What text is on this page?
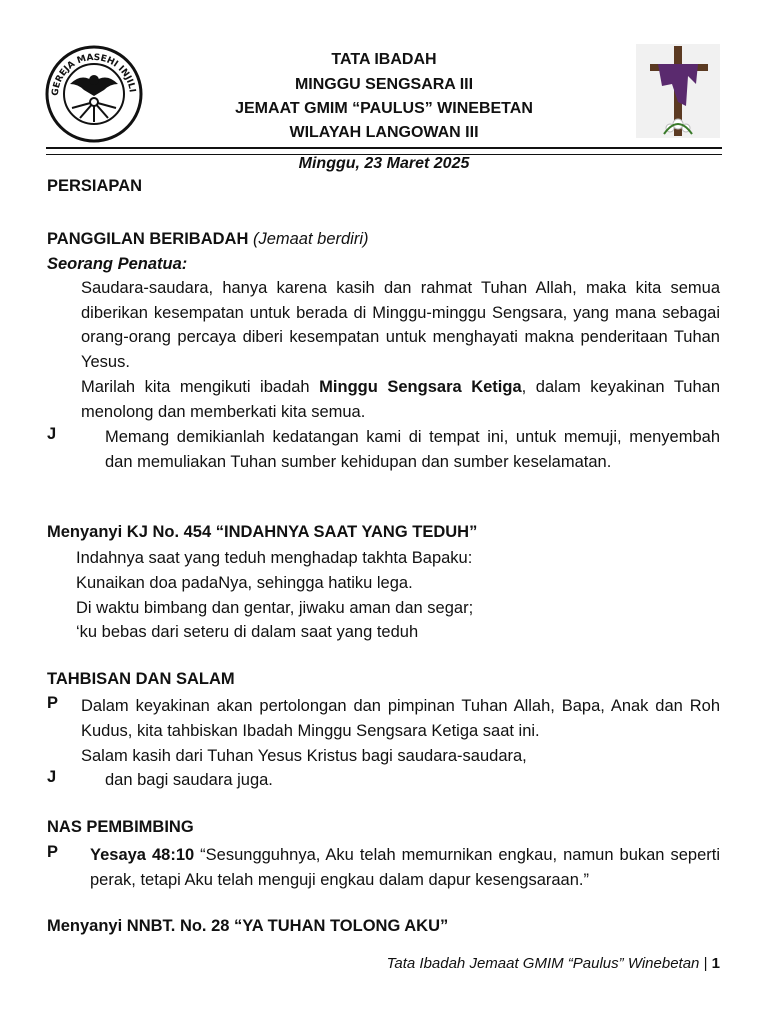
GEREJA MASEHI INJILI
TATA IBADAH
MINGGU SENGSARA III
JEMAAT GMIM “PAULUS” WINEBETAN
WILAYAH LANGOWAN III
Minggu, 23 Maret 2025
PERSIAPAN
PANGGILAN BERIBADAH (Jemaat berdiri)
Seorang Penatua:
Saudara-saudara, hanya karena kasih dan rahmat Tuhan Allah, maka kita semua diberikan kesempatan untuk berada di Minggu-minggu Sengsara, yang mana sebagai orang-orang percaya diberi kesempatan untuk menghayati makna penderitaan Tuhan Yesus.
Marilah kita mengikuti ibadah Minggu Sengsara Ketiga, dalam keyakinan Tuhan menolong dan memberkati kita semua.
J	Memang demikianlah kedatangan kami di tempat ini, untuk memuji, menyembah dan memuliakan Tuhan sumber kehidupan dan sumber keselamatan.
Menyanyi KJ No. 454 “INDAHNYA SAAT YANG TEDUH”
Indahnya saat yang teduh menghadap takhta Bapaku:
Kunaikan doa padaNya, sehingga hatiku lega.
Di waktu bimbang dan gentar, jiwaku aman dan segar;
‘ku bebas dari seteru di dalam saat yang teduh
TAHBISAN DAN SALAM
P Dalam keyakinan akan pertolongan dan pimpinan Tuhan Allah, Bapa, Anak dan Roh Kudus, kita tahbiskan Ibadah Minggu Sengsara Ketiga saat ini.
Salam kasih dari Tuhan Yesus Kristus bagi saudara-saudara,
J	dan bagi saudara juga.
NAS PEMBIMBING
P Yesaya 48:10 “Sesungguhnya, Aku telah memurnikan engkau, namun bukan seperti perak, tetapi Aku telah menguji engkau dalam dapur kesengsaraan.”
Menyanyi NNBT. No. 28 “YA TUHAN TOLONG AKU”
Tata Ibadah Jemaat GMIM “Paulus” Winebetan | 1
